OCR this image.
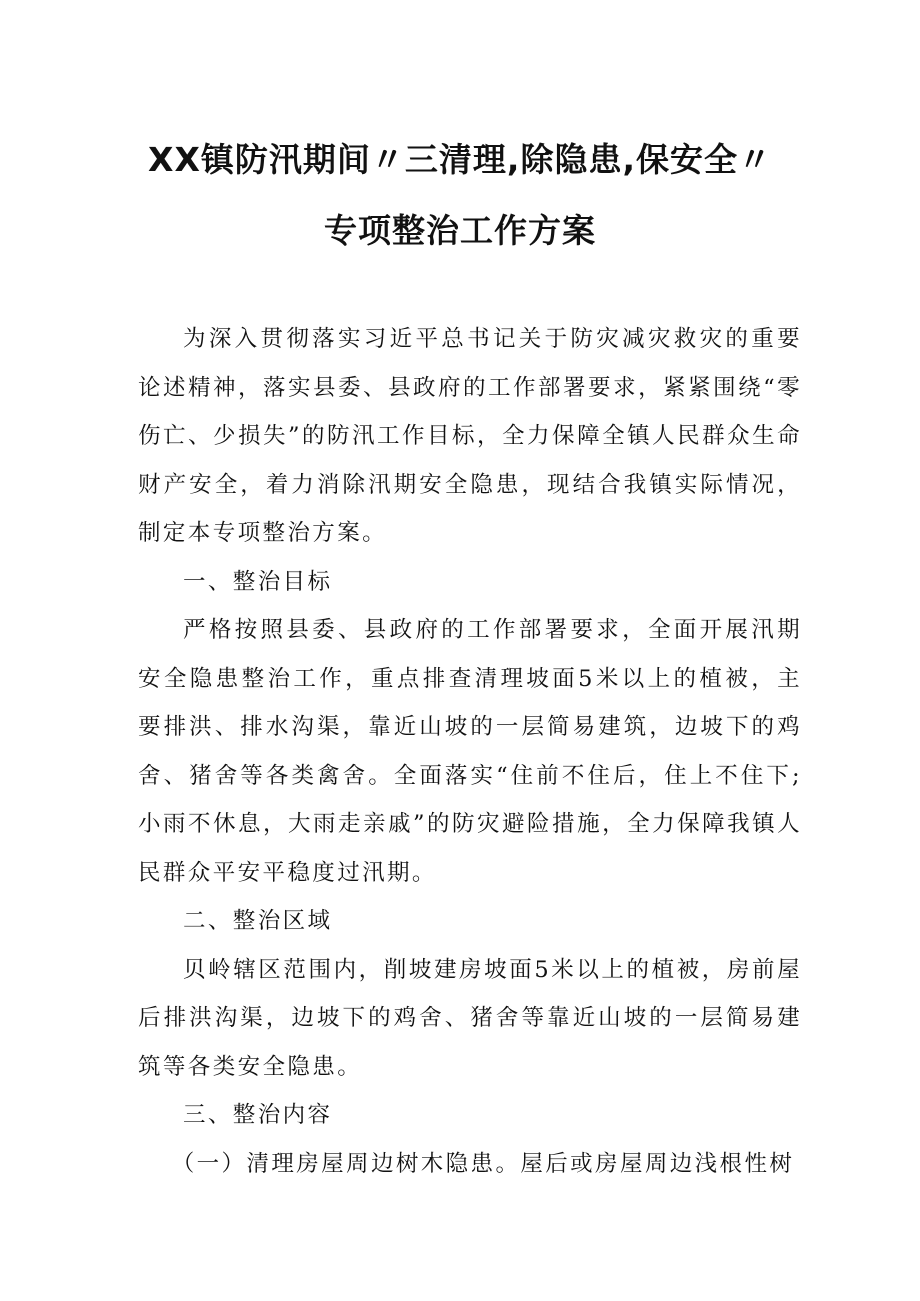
XX镇防汛期间〃三清理,除隐患,保安全〃
专项整治工作方案

为深入贯彻落实习近平总书记关于防灾减灾救灾的重要论述精神，落实县委、县政府的工作部署要求，紧紧围绕“零伤亡、少损失”的防汛工作目标，全力保障全镇人民群众生命财产安全，着力消除汛期安全隐患，现结合我镇实际情况，制定本专项整治方案。

一、整治目标

严格按照县委、县政府的工作部署要求，全面开展汛期安全隐患整治工作，重点排查清理坡面5米以上的植被，主要排洪、排水沟渠，靠近山坡的一层简易建筑，边坡下的鸡舍、猪舍等各类禽舍。全面落实“住前不住后，住上不住下;小雨不休息，大雨走亲戚”的防灾避险措施，全力保障我镇人民群众平安平稳度过汛期。

二、整治区域

贝岭辖区范围内，削坡建房坡面5米以上的植被，房前屋后排洪沟渠，边坡下的鸡舍、猪舍等靠近山坡的一层简易建筑等各类安全隐患。

三、整治内容

（一）清理房屋周边树木隐患。屋后或房屋周边浅根性树
